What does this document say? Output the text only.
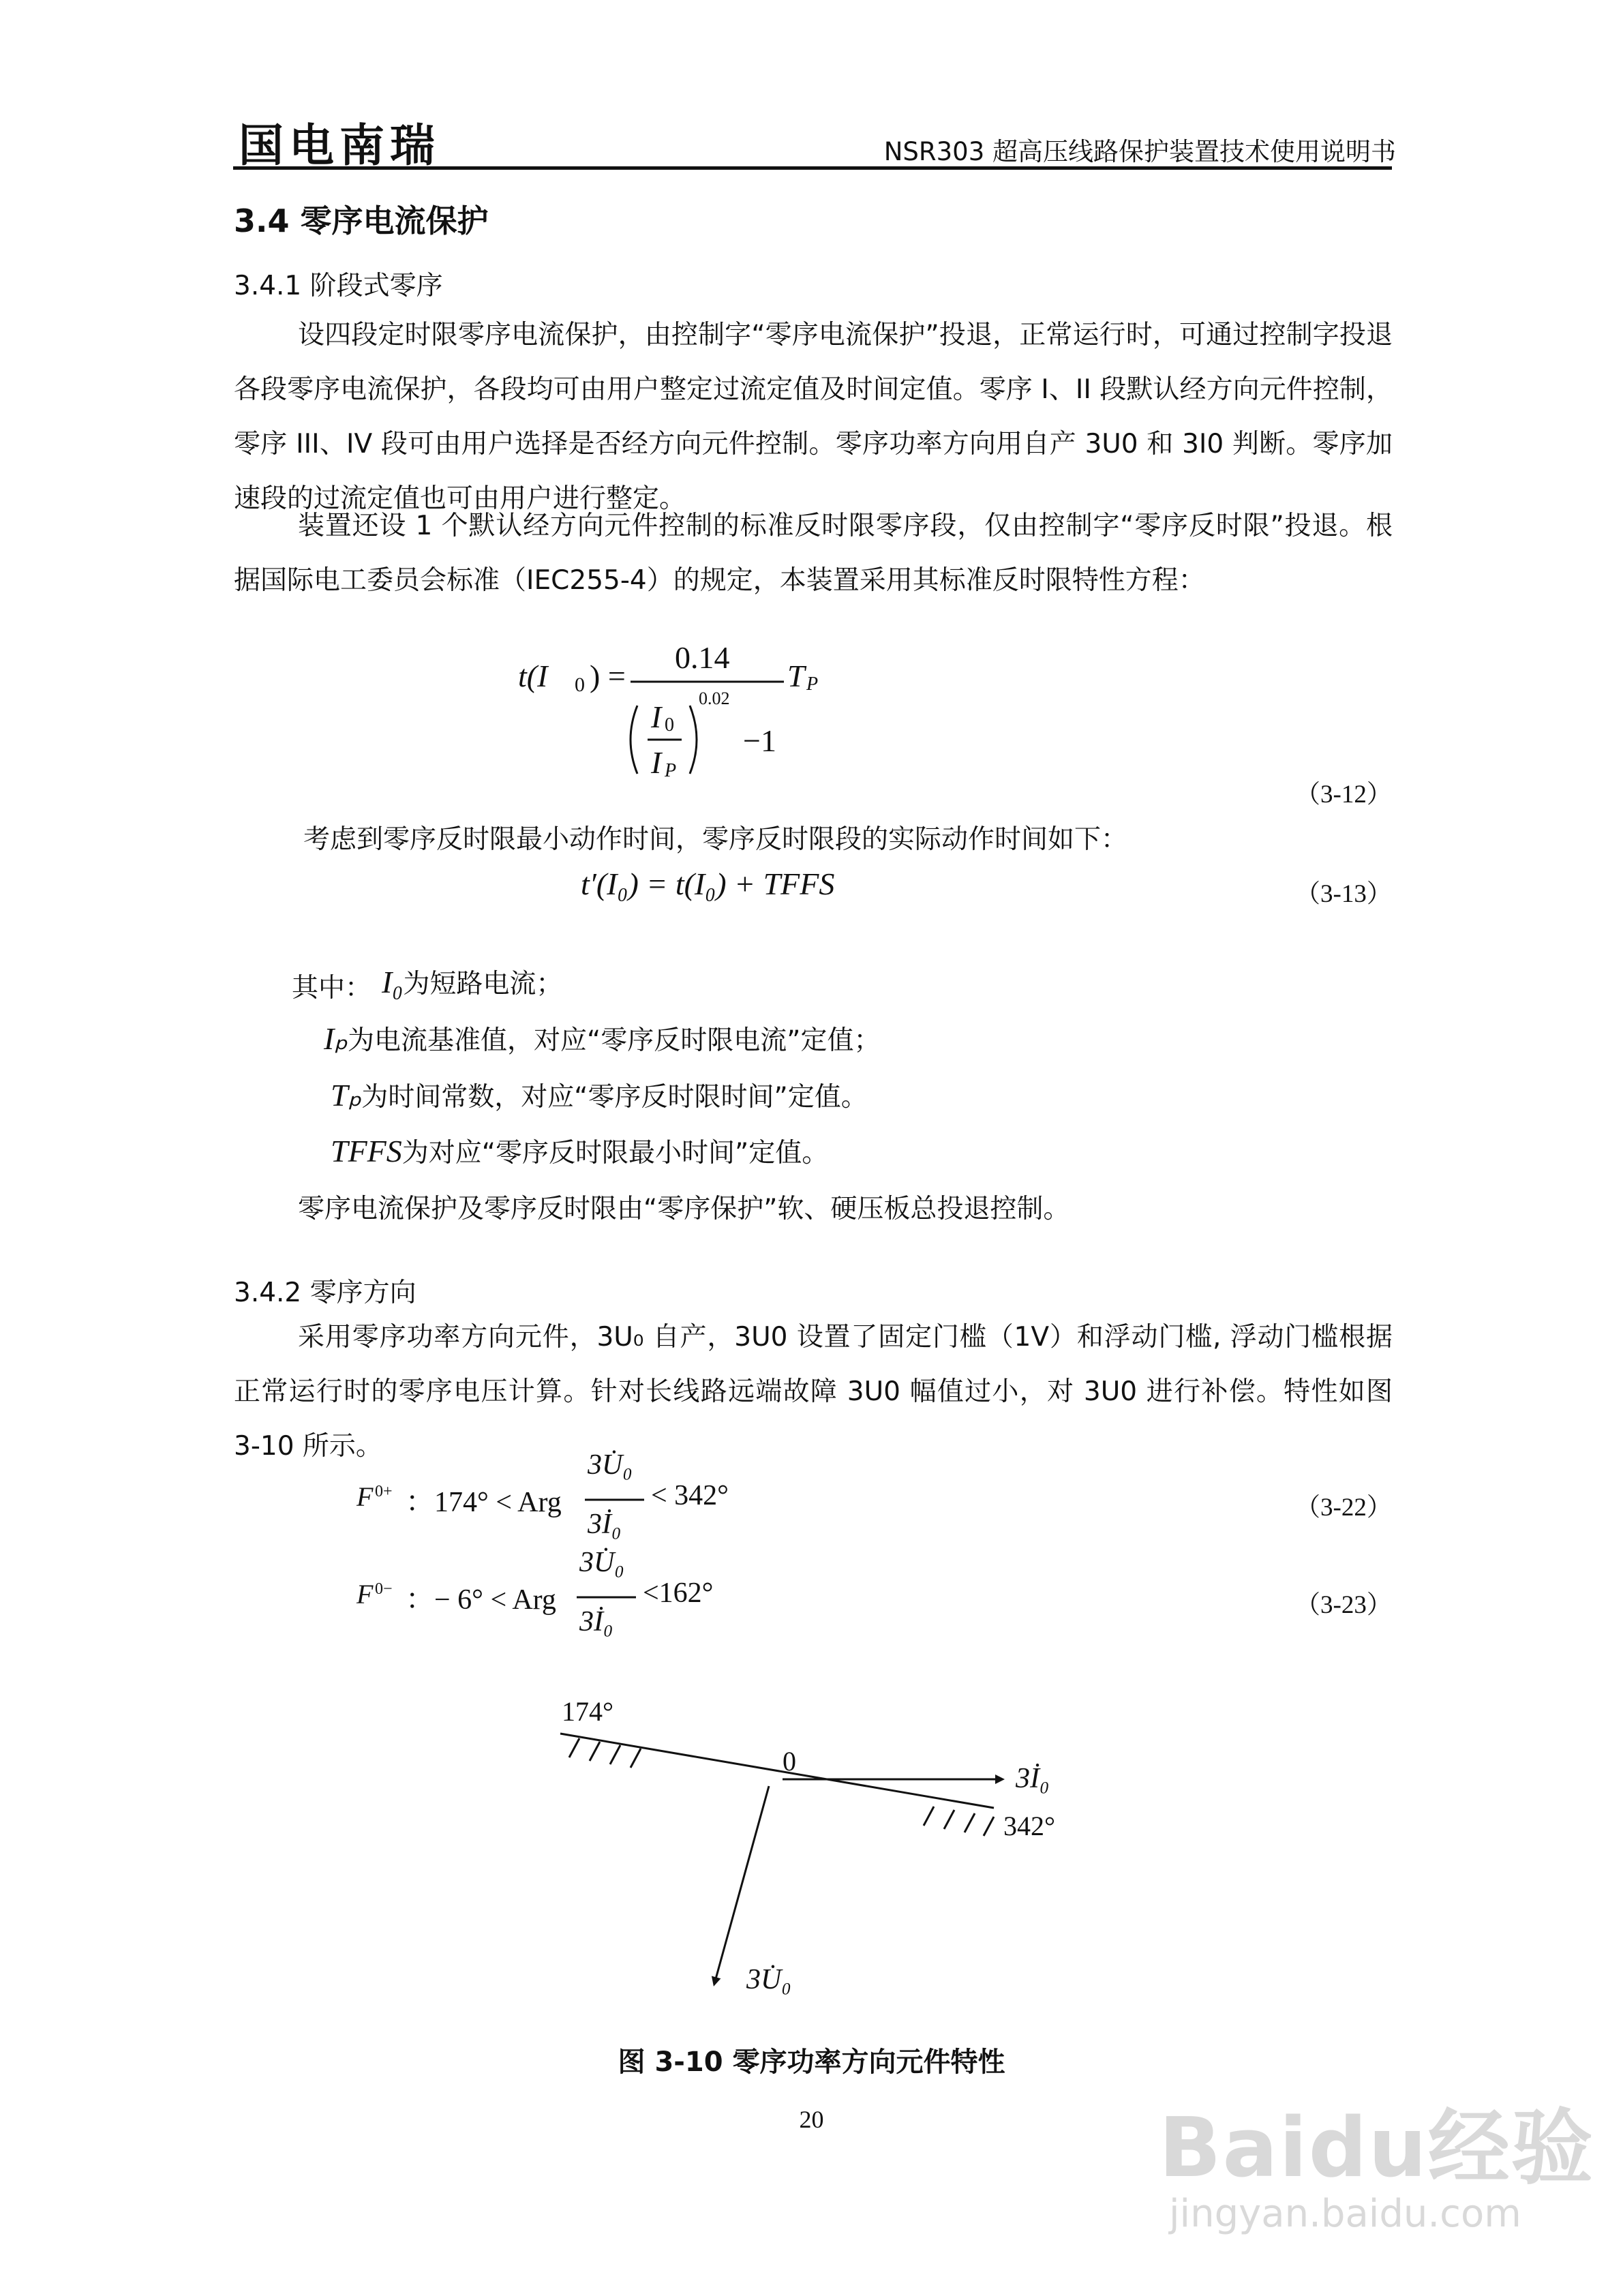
国电南瑞	NSR303 超高压线路保护装置技术使用说明书
3.4 零序电流保护
3.4.1 阶段式零序

设四段定时限零序电流保护，由控制字“零序电流保护”投退，正常运行时，可通过控制字投退各段零序电流保护，各段均可由用户整定过流定值及时间定值。零序 I、II 段默认经方向元件控制，零序 III、IV 段可由用户选择是否经方向元件控制。零序功率方向用自产 3U0 和 3I0 判断。零序加速段的过流定值也可由用户进行整定。

装置还设 1 个默认经方向元件控制的标准反时限零序段，仅由控制字“零序反时限”投退。根据国际电工委员会标准（IEC255-4）的规定，本装置采用其标准反时限特性方程：

t(I 0 ) =
0.14
I 0
I P
0.02
−1
T P
（3-12）
考虑到零序反时限最小动作时间，零序反时限段的实际动作时间如下：
t′(I₀) = t(I₀) + TFFS	（3-13）
其中： I₀为短路电流；
Iₚ为电流基准值，对应“零序反时限电流”定值；
Tₚ为时间常数，对应“零序反时限时间”定值。
TFFS为对应“零序反时限最小时间”定值。
零序电流保护及零序反时限由“零序保护”软、硬压板总投退控制。
3.4.2 零序方向

采用零序功率方向元件，3U₀ 自产，3U0 设置了固定门槛（1V）和浮动门槛, 浮动门槛根据正常运行时的零序电压计算。针对长线路远端故障 3U0 幅值过小，对 3U0 进行补偿。特性如图 3-10 所示。

F 0+ ：174° < Arg
3U̇₀
3İ₀
< 342°	（3-22）
F 0− ：− 6° < Arg
3U̇₀
3İ₀
<162°	（3-23）
174°
0
3İ₀
342°
3U̇₀
图 3-10 零序功率方向元件特性
20	Baidu经验
jingyan.baidu.com
